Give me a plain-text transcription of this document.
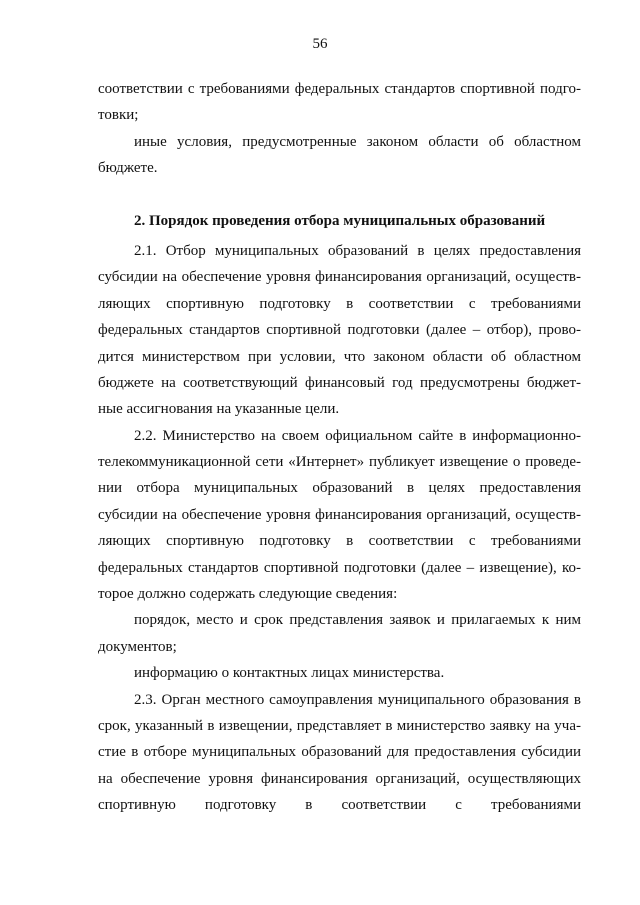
56
соответствии с требованиями федеральных стандартов спортивной подго-
товки;
иные условия, предусмотренные законом области об областном
бюджете.
2. Порядок проведения отбора муниципальных образований
2.1. Отбор муниципальных образований в целях предоставления
субсидии на обеспечение уровня финансирования организаций, осуществ-
ляющих спортивную подготовку в соответствии с требованиями
федеральных стандартов спортивной подготовки (далее – отбор), прово-
дится министерством при условии, что законом области об областном
бюджете на соответствующий финансовый год предусмотрены бюджет-
ные ассигнования на указанные цели.
2.2. Министерство на своем официальном сайте в информационно-
телекоммуникационной сети «Интернет» публикует извещение о проведе-
нии отбора муниципальных образований в целях предоставления
субсидии на обеспечение уровня финансирования организаций, осуществ-
ляющих спортивную подготовку в соответствии с требованиями
федеральных стандартов спортивной подготовки (далее – извещение), ко-
торое должно содержать следующие сведения:
порядок, место и срок представления заявок и прилагаемых к ним
документов;
информацию о контактных лицах министерства.
2.3. Орган местного самоуправления муниципального образования в
срок, указанный в извещении, представляет в министерство заявку на уча-
стие в отборе муниципальных образований для предоставления субсидии
на обеспечение уровня финансирования организаций, осуществляющих
спортивную подготовку в соответствии с требованиями
